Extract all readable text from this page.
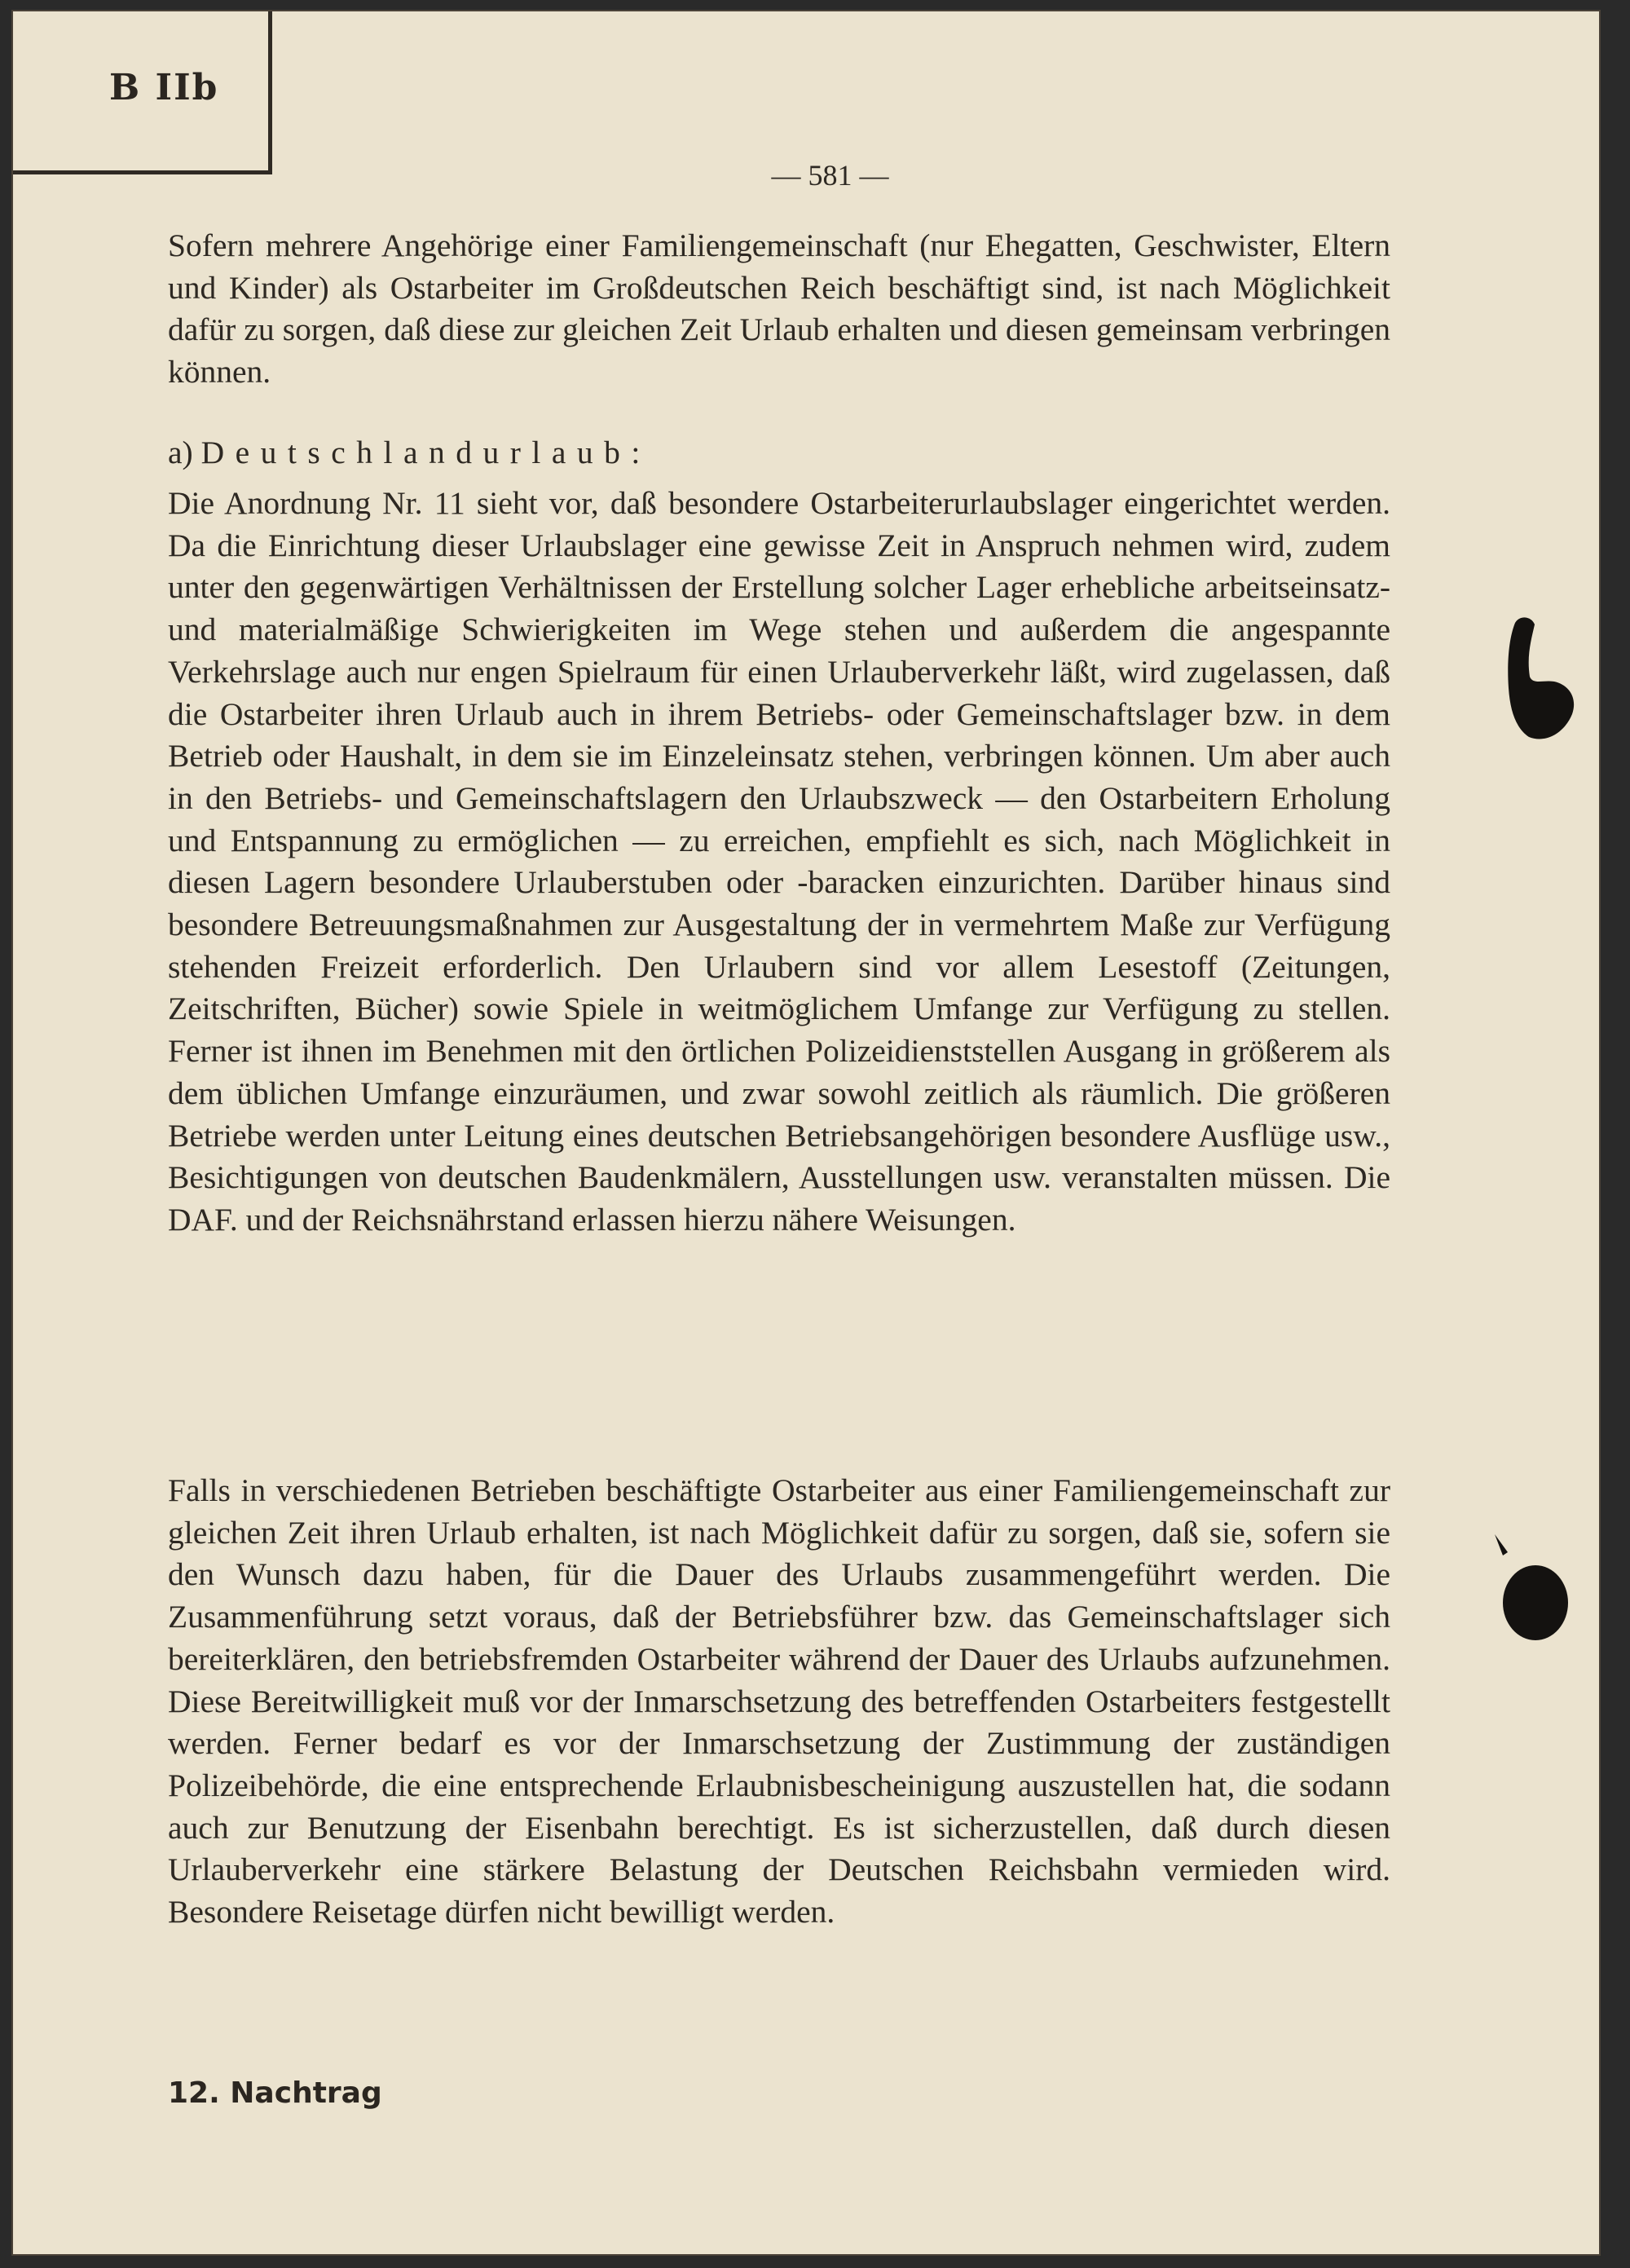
B IIb
— 581 —

Sofern mehrere Angehörige einer Familiengemeinschaft (nur Ehegatten, Geschwister, Eltern und Kinder) als Ostarbeiter im Großdeutschen Reich beschäftigt sind, ist nach Möglichkeit dafür zu sorgen, daß diese zur gleichen Zeit Urlaub erhalten und diesen gemeinsam verbringen können.

a) Deutschlandurlaub:

Die Anordnung Nr. 11 sieht vor, daß besondere Ostarbeiterurlaubslager eingerichtet werden. Da die Einrichtung dieser Urlaubslager eine gewisse Zeit in Anspruch nehmen wird, zudem unter den gegenwärtigen Verhältnissen der Erstellung solcher Lager erhebliche arbeitseinsatz- und materialmäßige Schwierigkeiten im Wege stehen und außerdem die angespannte Verkehrslage auch nur engen Spielraum für einen Urlauberverkehr läßt, wird zugelassen, daß die Ostarbeiter ihren Urlaub auch in ihrem Betriebs- oder Gemeinschaftslager bzw. in dem Betrieb oder Haushalt, in dem sie im Einzeleinsatz stehen, verbringen können. Um aber auch in den Betriebs- und Gemeinschaftslagern den Urlaubszweck — den Ostarbeitern Erholung und Entspannung zu ermöglichen — zu erreichen, empfiehlt es sich, nach Möglichkeit in diesen Lagern besondere Urlauberstuben oder -baracken einzurichten. Darüber hinaus sind besondere Betreuungsmaßnahmen zur Ausgestaltung der in vermehrtem Maße zur Verfügung stehenden Freizeit erforderlich. Den Urlaubern sind vor allem Lesestoff (Zeitungen, Zeitschriften, Bücher) sowie Spiele in weitmöglichem Umfange zur Verfügung zu stellen. Ferner ist ihnen im Benehmen mit den örtlichen Polizeidienststellen Ausgang in größerem als dem üblichen Umfange einzuräumen, und zwar sowohl zeitlich als räumlich. Die größeren Betriebe werden unter Leitung eines deutschen Betriebsangehörigen besondere Ausflüge usw., Besichtigungen von deutschen Baudenkmälern, Ausstellungen usw. veranstalten müssen. Die DAF. und der Reichsnährstand erlassen hierzu nähere Weisungen.

Falls in verschiedenen Betrieben beschäftigte Ostarbeiter aus einer Familiengemeinschaft zur gleichen Zeit ihren Urlaub erhalten, ist nach Möglichkeit dafür zu sorgen, daß sie, sofern sie den Wunsch dazu haben, für die Dauer des Urlaubs zusammengeführt werden. Die Zusammenführung setzt voraus, daß der Betriebsführer bzw. das Gemeinschaftslager sich bereiterklären, den betriebsfremden Ostarbeiter während der Dauer des Urlaubs aufzunehmen. Diese Bereitwilligkeit muß vor der Inmarschsetzung des betreffenden Ostarbeiters festgestellt werden. Ferner bedarf es vor der Inmarschsetzung der Zustimmung der zuständigen Polizeibehörde, die eine entsprechende Erlaubnisbescheinigung auszustellen hat, die sodann auch zur Benutzung der Eisenbahn berechtigt. Es ist sicherzustellen, daß durch diesen Urlauberverkehr eine stärkere Belastung der Deutschen Reichsbahn vermieden wird. Besondere Reisetage dürfen nicht bewilligt werden.

12. Nachtrag
